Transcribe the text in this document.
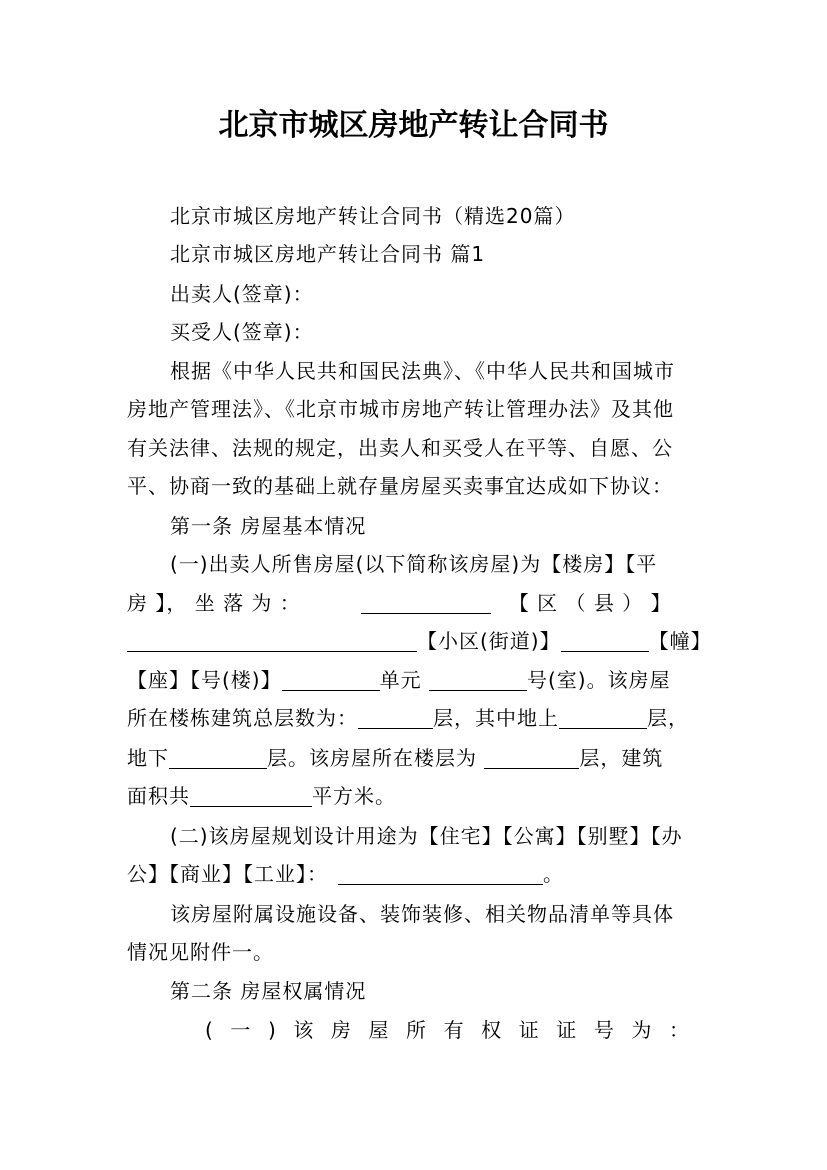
北京市城区房地产转让合同书
北京市城区房地产转让合同书（精选20篇）
北京市城区房地产转让合同书 篇1
出卖人(签章)：
买受人(签章)：
根据《中华人民共和国民法典》、《中华人民共和国城市
房地产管理法》、《北京市城市房地产转让管理办法》及其他
有关法律、法规的规定，出卖人和买受人在平等、自愿、公
平、协商一致的基础上就存量房屋买卖事宜达成如下协议：
第一条 房屋基本情况
(一)出卖人所售房屋(以下简称该房屋)为【楼房】【平
房 】， 坐 落 为 ：	【 区 （ 县 ） 】
【小区(街道)】	【幢】
【座】【号(楼)】	单元	号(室)。该房屋
所在楼栋建筑总层数为：	层，其中地上	层，
地下	层。该房屋所在楼层为	层，建筑
面积共	平方米。
(二)该房屋规划设计用途为【住宅】【公寓】【别墅】【办
公】【商业】【工业】：	。
该房屋附属设施设备、装饰装修、相关物品清单等具体
情况见附件一。
第二条 房屋权属情况
(一)该房屋所有权证证号为：
